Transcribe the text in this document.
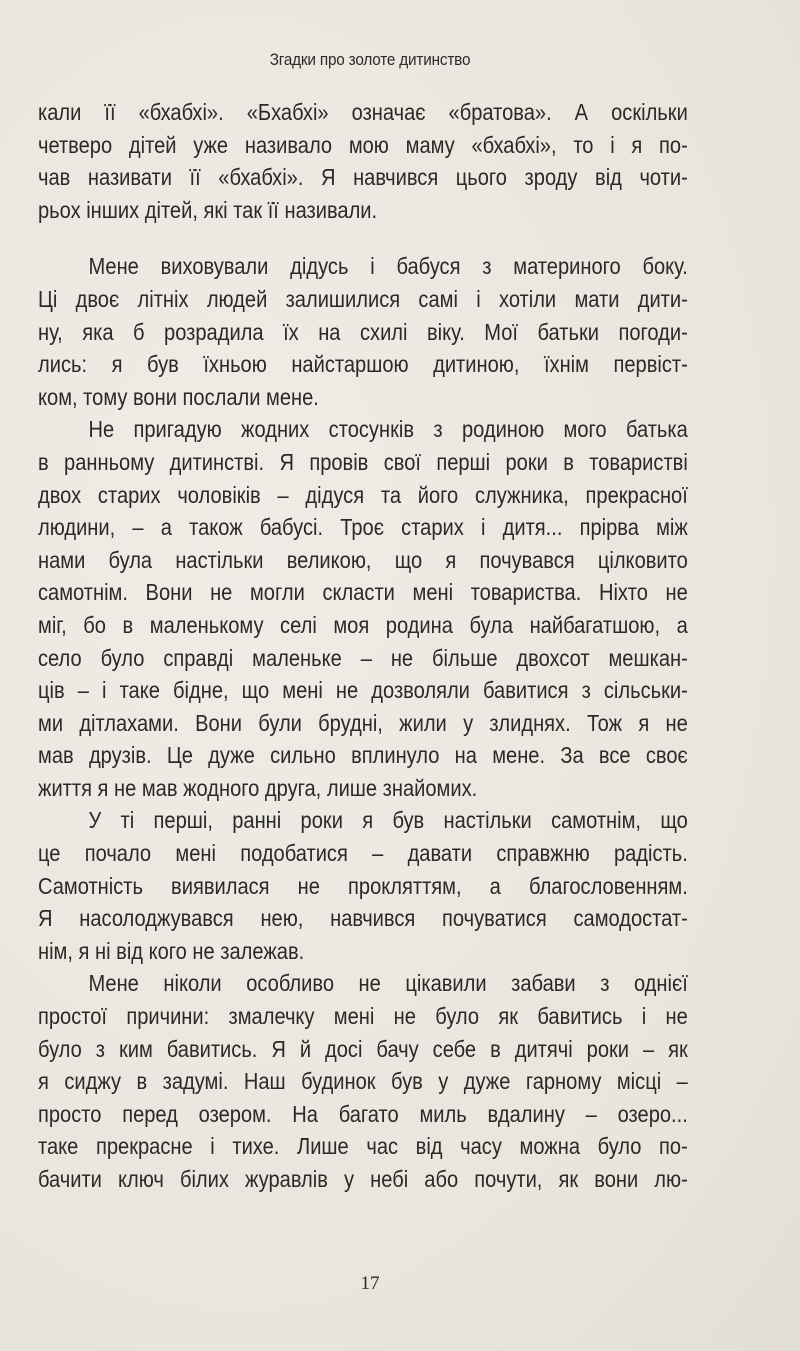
Згадки про золоте дитинство
кали її «бхабхі». «Бхабхі» означає «братова». А оскільки
четверо дітей уже називало мою маму «бхабхі», то і я по-
чав називати її «бхабхі». Я навчився цього зроду від чоти-
рьох інших дітей, які так її називали.
Мене виховували дідусь і бабуся з материного боку.
Ці двоє літніх людей залишилися самі і хотіли мати дити-
ну, яка б розрадила їх на схилі віку. Мої батьки погоди-
лись: я був їхньою найстаршою дитиною, їхнім первіст-
ком, тому вони послали мене.
Не пригадую жодних стосунків з родиною мого батька
в ранньому дитинстві. Я провів свої перші роки в товаристві
двох старих чоловіків – дідуся та його служника, прекрасної
людини, – а також бабусі. Троє старих і дитя... прірва між
нами була настільки великою, що я почувався цілковито
самотнім. Вони не могли скласти мені товариства. Ніхто не
міг, бо в маленькому селі моя родина була найбагатшою, а
село було справді маленьке – не більше двохсот мешкан-
ців – і таке бідне, що мені не дозволяли бавитися з сільськи-
ми дітлахами. Вони були брудні, жили у злиднях. Тож я не
мав друзів. Це дуже сильно вплинуло на мене. За все своє
життя я не мав жодного друга, лише знайомих.
У ті перші, ранні роки я був настільки самотнім, що
це почало мені подобатися – давати справжню радість.
Самотність виявилася не прокляттям, а благословенням.
Я насолоджувався нею, навчився почуватися самодостат-
нім, я ні від кого не залежав.
Мене ніколи особливо не цікавили забави з однієї
простої причини: змалечку мені не було як бавитись і не
було з ким бавитись. Я й досі бачу себе в дитячі роки – як
я сиджу в задумі. Наш будинок був у дуже гарному місці –
просто перед озером. На багато миль вдалину – озеро...
таке прекрасне і тихе. Лише час від часу можна було по-
бачити ключ білих журавлів у небі або почути, як вони лю-
17
